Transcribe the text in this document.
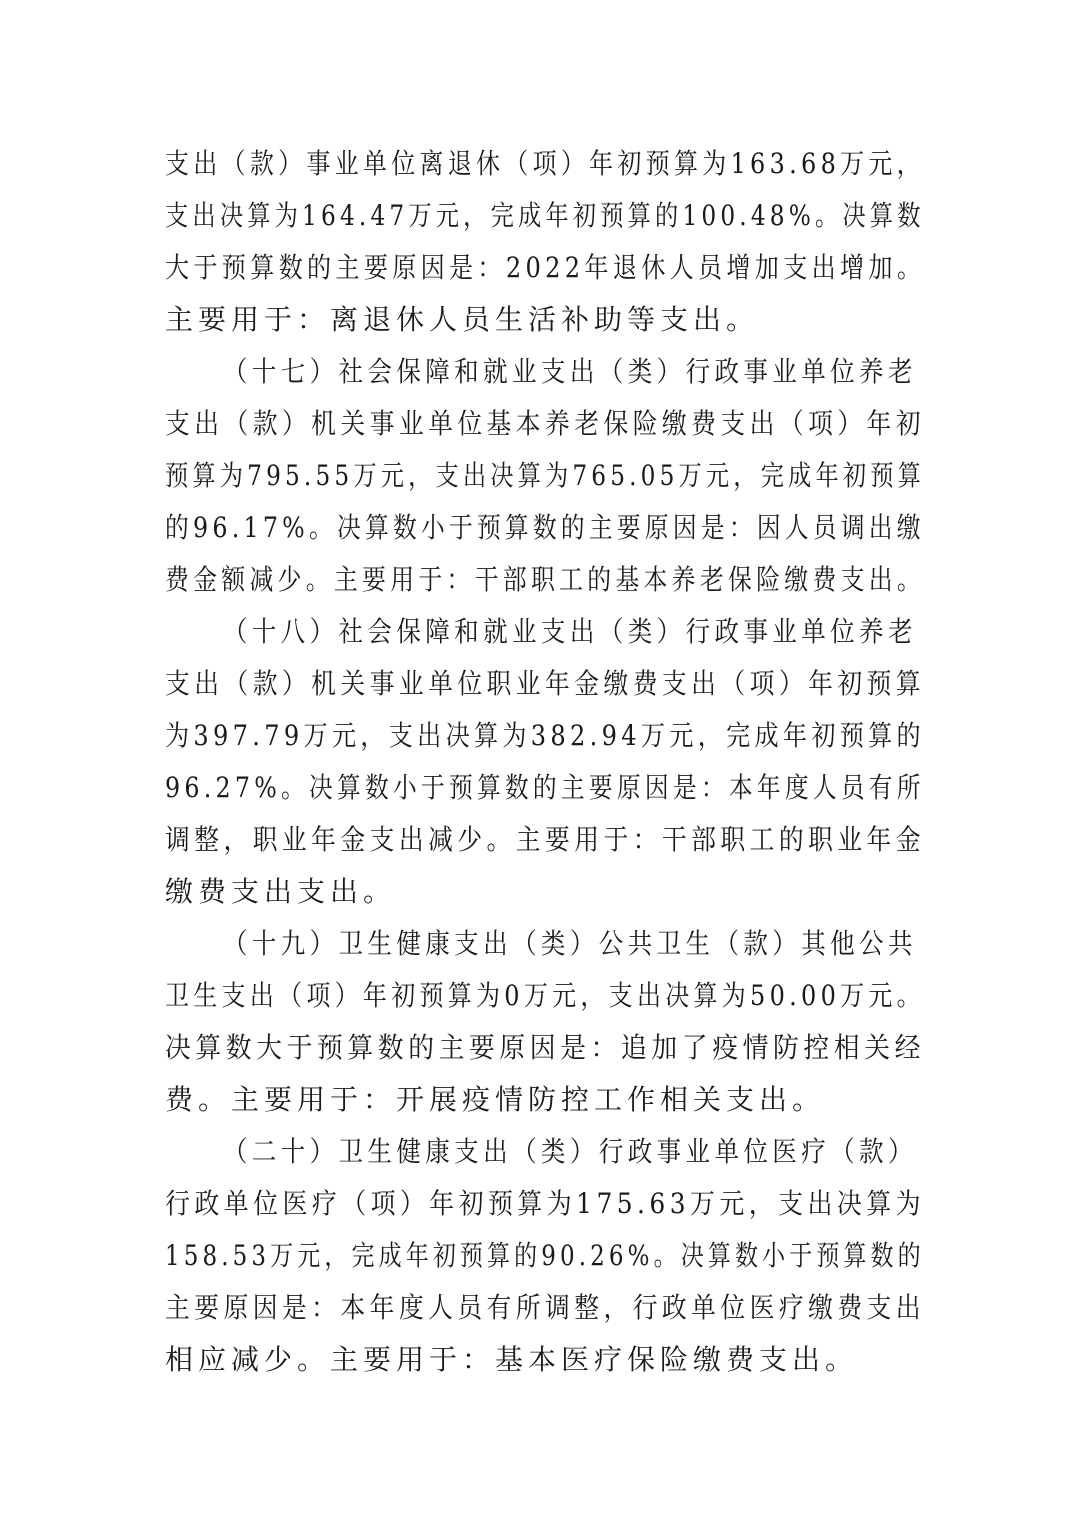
支出（款）事业单位离退休（项）年初预算为163.68万元，
支出决算为164.47万元，完成年初预算的100.48%。决算数
大于预算数的主要原因是：2022年退休人员增加支出增加。
主要用于：离退休人员生活补助等支出。
（十七）社会保障和就业支出（类）行政事业单位养老
支出（款）机关事业单位基本养老保险缴费支出（项）年初
预算为795.55万元，支出决算为765.05万元，完成年初预算
的96.17%。决算数小于预算数的主要原因是：因人员调出缴
费金额减少。主要用于：干部职工的基本养老保险缴费支出。
（十八）社会保障和就业支出（类）行政事业单位养老
支出（款）机关事业单位职业年金缴费支出（项）年初预算
为397.79万元，支出决算为382.94万元，完成年初预算的
96.27%。决算数小于预算数的主要原因是：本年度人员有所
调整，职业年金支出减少。主要用于：干部职工的职业年金
缴费支出支出。
（十九）卫生健康支出（类）公共卫生（款）其他公共
卫生支出（项）年初预算为0万元，支出决算为50.00万元。
决算数大于预算数的主要原因是：追加了疫情防控相关经
费。主要用于：开展疫情防控工作相关支出。
（二十）卫生健康支出（类）行政事业单位医疗（款）
行政单位医疗（项）年初预算为175.63万元，支出决算为
158.53万元，完成年初预算的90.26%。决算数小于预算数的
主要原因是：本年度人员有所调整，行政单位医疗缴费支出
相应减少。主要用于：基本医疗保险缴费支出。
